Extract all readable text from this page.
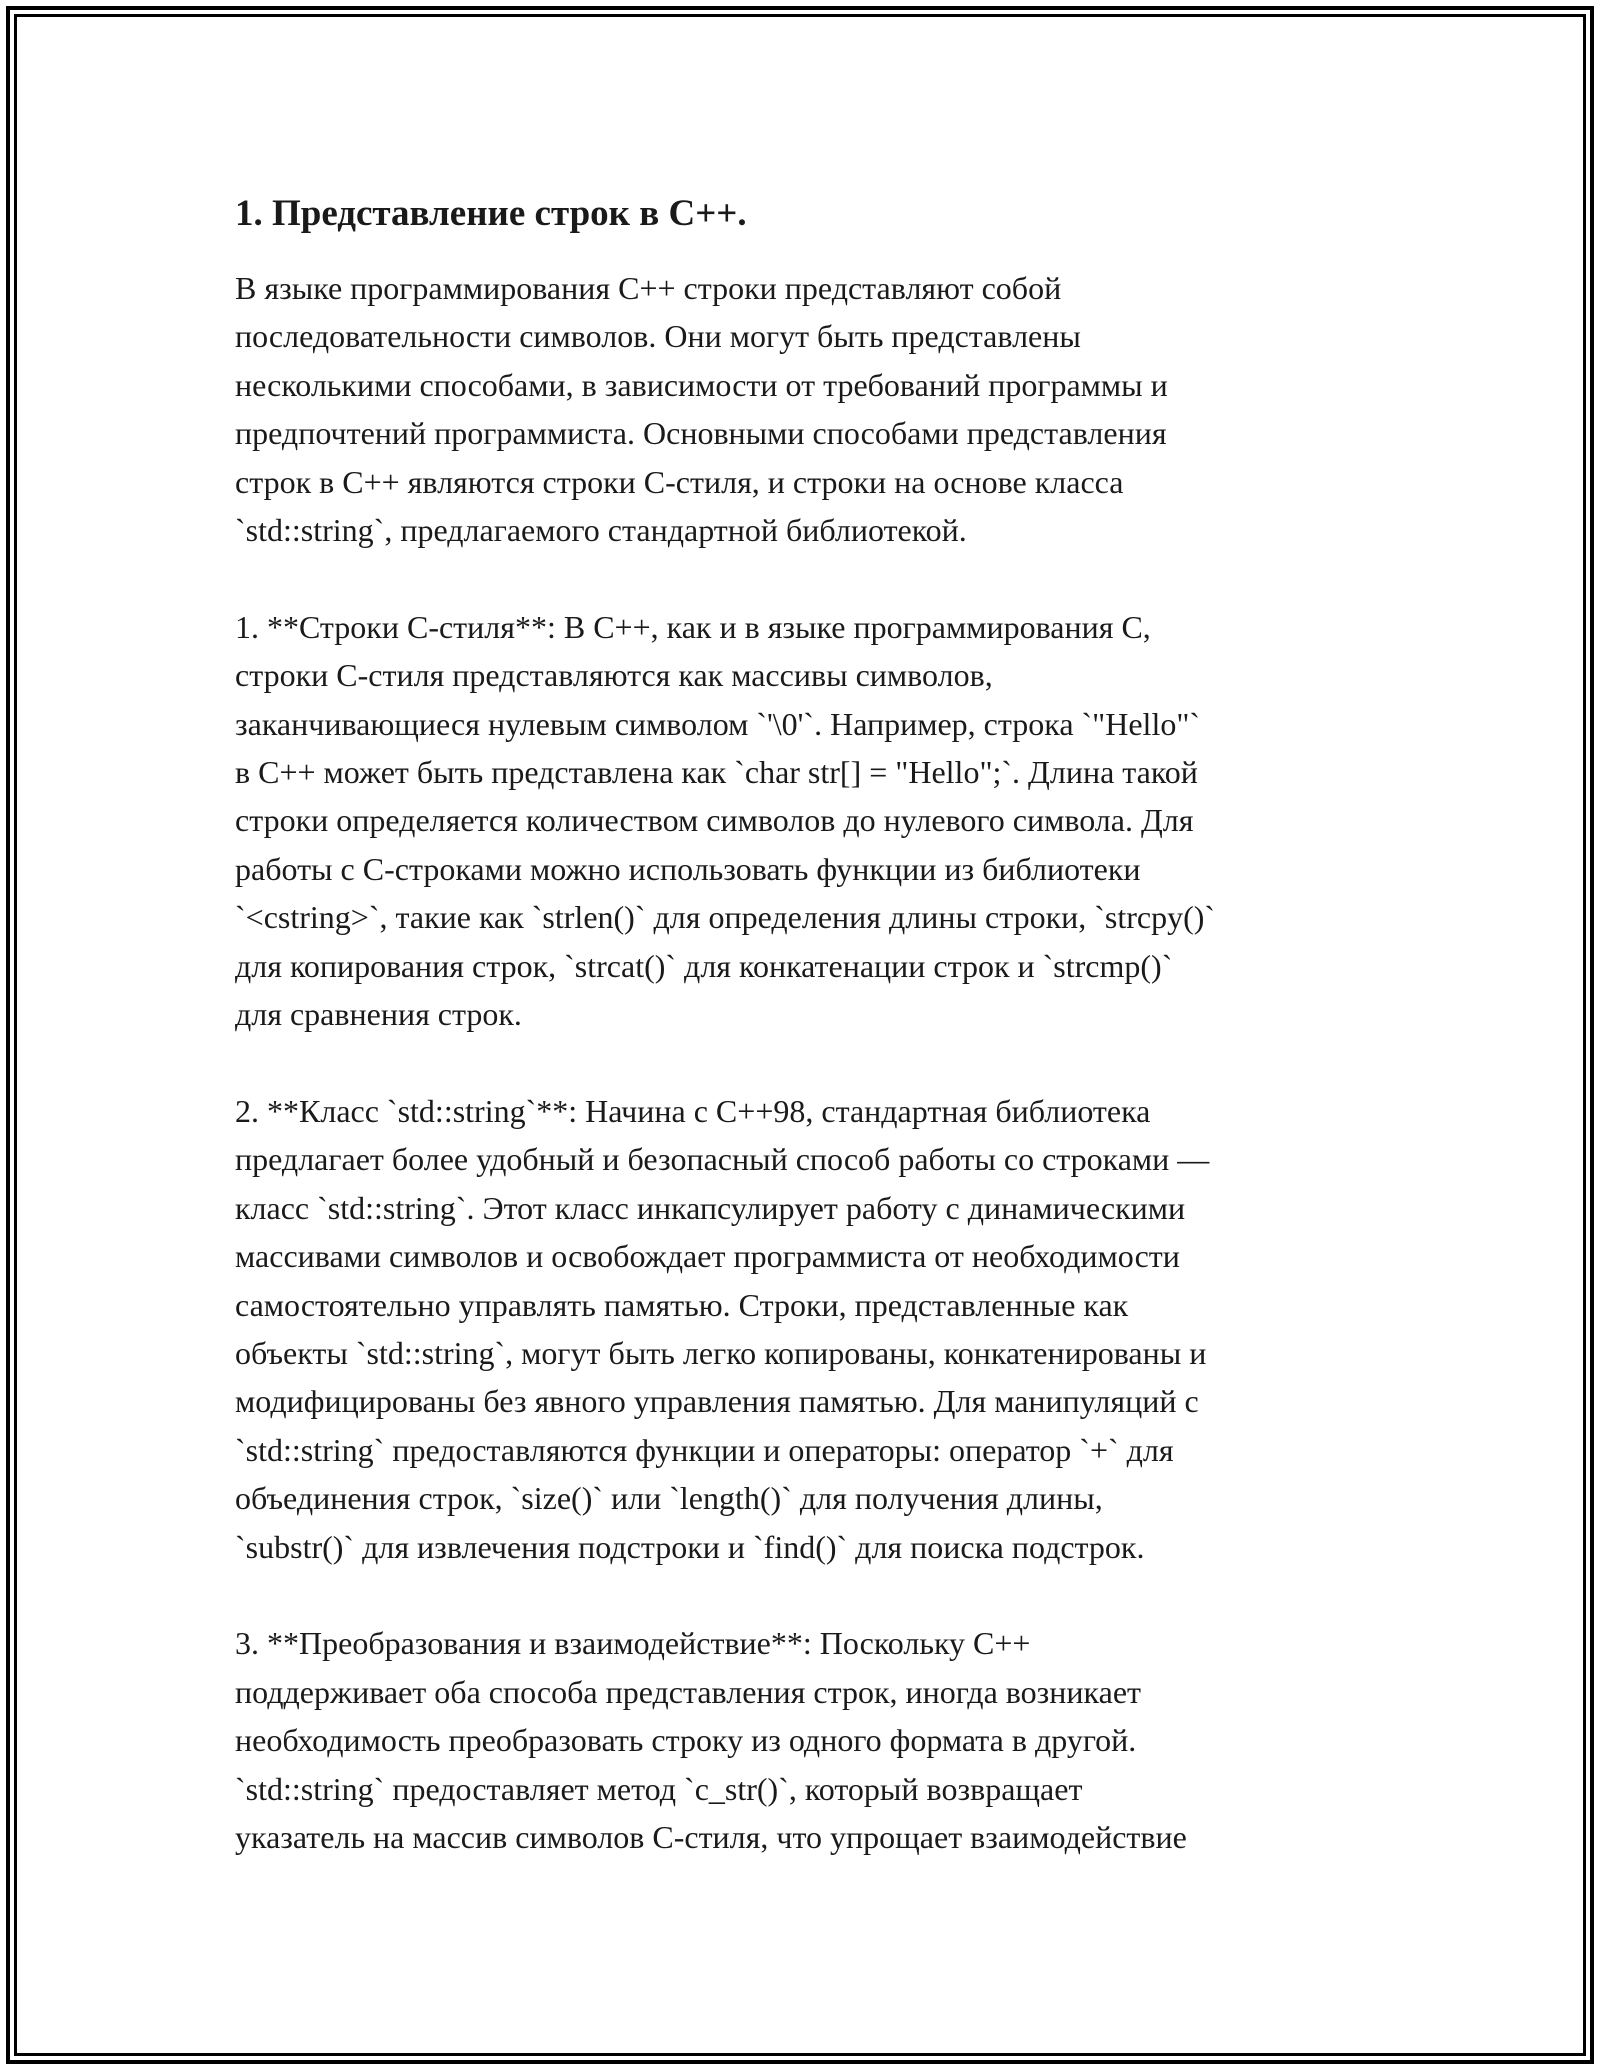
1. Представление строк в C++.
В языке программирования C++ строки представляют собой
последовательности символов. Они могут быть представлены
несколькими способами, в зависимости от требований программы и
предпочтений программиста. Основными способами представления
строк в C++ являются строки C-стиля, и строки на основе класса
`std::string`, предлагаемого стандартной библиотекой.
1. **Строки C-стиля**: В C++, как и в языке программирования C,
строки C-стиля представляются как массивы символов,
заканчивающиеся нулевым символом `'\0'`. Например, строка `"Hello"`
в C++ может быть представлена как `char str[] = "Hello";`. Длина такой
строки определяется количеством символов до нулевого символа. Для
работы с C-строками можно использовать функции из библиотеки
`<cstring>`, такие как `strlen()` для определения длины строки, `strcpy()`
для копирования строк, `strcat()` для конкатенации строк и `strcmp()`
для сравнения строк.
2. **Класс `std::string`**: Начина с C++98, стандартная библиотека
предлагает более удобный и безопасный способ работы со строками —
класс `std::string`. Этот класс инкапсулирует работу с динамическими
массивами символов и освобождает программиста от необходимости
самостоятельно управлять памятью. Строки, представленные как
объекты `std::string`, могут быть легко копированы, конкатенированы и
модифицированы без явного управления памятью. Для манипуляций с
`std::string` предоставляются функции и операторы: оператор `+` для
объединения строк, `size()` или `length()` для получения длины,
`substr()` для извлечения подстроки и `find()` для поиска подстрок.
3. **Преобразования и взаимодействие**: Поскольку C++
поддерживает оба способа представления строк, иногда возникает
необходимость преобразовать строку из одного формата в другой.
`std::string` предоставляет метод `c_str()`, который возвращает
указатель на массив символов C-стиля, что упрощает взаимодействие
